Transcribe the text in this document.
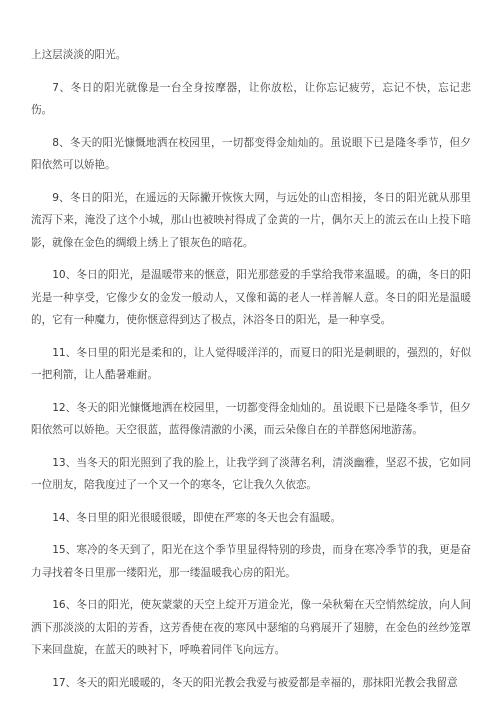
上这层淡淡的阳光。

7、冬日的阳光就像是一台全身按摩器，让你放松，让你忘记疲劳，忘记不快，忘记悲伤。

8、冬天的阳光慷慨地洒在校园里，一切都变得金灿灿的。虽说眼下已是隆冬季节，但夕阳依然可以娇艳。

9、冬日的阳光，在遥远的天际撇开恢恢大网，与远处的山峦相接，冬日的阳光就从那里流泻下来，淹没了这个小城，那山也被映衬得成了金黄的一片，偶尔天上的流云在山上投下暗影，就像在金色的绸缎上绣上了银灰色的暗花。

10、冬日的阳光，是温暖带来的惬意，阳光那慈爱的手掌给我带来温暖。的确，冬日的阳光是一种享受，它像少女的金发一般动人，又像和蔼的老人一样善解人意。冬日的阳光是温暖的，它有一种魔力，使你惬意得到达了极点，沐浴冬日的阳光，是一种享受。

11、冬日里的阳光是柔和的，让人觉得暖洋洋的，而夏日的阳光是刺眼的，强烈的，好似一把利箭，让人酷暑难耐。

12、冬天的阳光慷慨地洒在校园里，一切都变得金灿灿的。虽说眼下已是隆冬季节，但夕阳依然可以娇艳。天空很蓝，蓝得像清澈的小溪，而云朵像自在的羊群悠闲地游荡。

13、当冬天的阳光照到了我的脸上，让我学到了淡薄名利，清淡幽雅，坚忍不拔，它如同一位朋友，陪我度过了一个又一个的寒冬，它让我久久依恋。

14、冬日里的阳光很暖很暖，即使在严寒的冬天也会有温暖。

15、寒冷的冬天到了，阳光在这个季节里显得特别的珍贵，而身在寒冷季节的我，更是奋力寻找着冬日里那一缕阳光，那一缕温暖我心房的阳光。

16、冬日的阳光，使灰蒙蒙的天空上绽开万道金光，像一朵秋菊在天空悄然绽放，向人间洒下那淡淡的太阳的芳香，这芳香使在夜的寒风中瑟缩的乌鸦展开了翅膀，在金色的丝纱笼罩下来回盘旋，在蓝天的映衬下，呼唤着同伴飞向远方。

17、冬天的阳光暖暖的，冬天的阳光教会我爱与被爱都是幸福的，那抹阳光教会我留意
